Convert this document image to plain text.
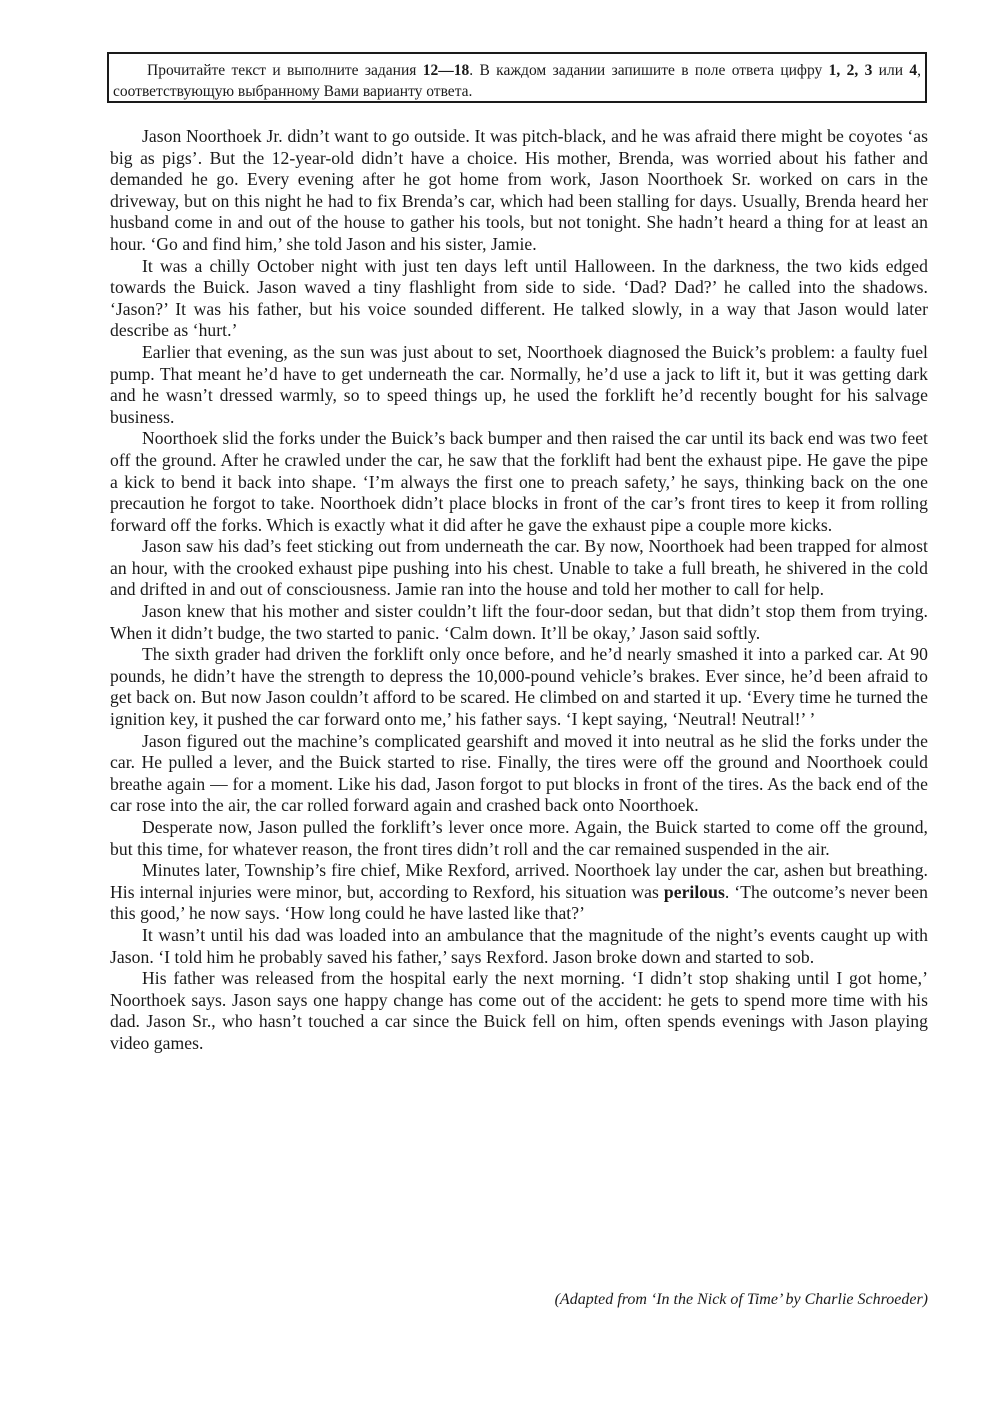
Прочитайте текст и выполните задания 12—18. В каждом задании запишите в поле ответа цифру 1, 2, 3 или 4, соответствующую выбранному Вами варианту ответа.

Jason Noorthoek Jr. didn’t want to go outside. It was pitch-black, and he was afraid there might be coyotes ‘as big as pigs’. But the 12-year-old didn’t have a choice. His mother, Brenda, was worried about his father and demanded he go. Every evening after he got home from work, Jason Noorthoek Sr. worked on cars in the driveway, but on this night he had to fix Brenda’s car, which had been stalling for days. Usually, Brenda heard her husband come in and out of the house to gather his tools, but not tonight. She hadn’t heard a thing for at least an hour. ‘Go and find him,’ she told Jason and his sister, Jamie.

It was a chilly October night with just ten days left until Halloween. In the darkness, the two kids edged towards the Buick. Jason waved a tiny flashlight from side to side. ‘Dad? Dad?’ he called into the shadows. ‘Jason?’ It was his father, but his voice sounded different. He talked slowly, in a way that Jason would later describe as ‘hurt.’

Earlier that evening, as the sun was just about to set, Noorthoek diagnosed the Buick’s problem: a faulty fuel pump. That meant he’d have to get underneath the car. Normally, he’d use a jack to lift it, but it was getting dark and he wasn’t dressed warmly, so to speed things up, he used the forklift he’d recently bought for his salvage business.

Noorthoek slid the forks under the Buick’s back bumper and then raised the car until its back end was two feet off the ground. After he crawled under the car, he saw that the forklift had bent the exhaust pipe. He gave the pipe a kick to bend it back into shape. ‘I’m always the first one to preach safety,’ he says, thinking back on the one precaution he forgot to take. Noorthoek didn’t place blocks in front of the car’s front tires to keep it from rolling forward off the forks. Which is exactly what it did after he gave the exhaust pipe a couple more kicks.

Jason saw his dad’s feet sticking out from underneath the car. By now, Noorthoek had been trapped for almost an hour, with the crooked exhaust pipe pushing into his chest. Unable to take a full breath, he shivered in the cold and drifted in and out of consciousness. Jamie ran into the house and told her mother to call for help.

Jason knew that his mother and sister couldn’t lift the four-door sedan, but that didn’t stop them from trying. When it didn’t budge, the two started to panic. ‘Calm down. It’ll be okay,’ Jason said softly.

The sixth grader had driven the forklift only once before, and he’d nearly smashed it into a parked car. At 90 pounds, he didn’t have the strength to depress the 10,000-pound vehicle’s brakes. Ever since, he’d been afraid to get back on. But now Jason couldn’t afford to be scared. He climbed on and started it up. ‘Every time he turned the ignition key, it pushed the car forward onto me,’ his father says. ‘I kept saying, ‘Neutral! Neutral!’ ’

Jason figured out the machine’s complicated gearshift and moved it into neutral as he slid the forks under the car. He pulled a lever, and the Buick started to rise. Finally, the tires were off the ground and Noorthoek could breathe again — for a moment. Like his dad, Jason forgot to put blocks in front of the tires. As the back end of the car rose into the air, the car rolled forward again and crashed back onto Noorthoek.

Desperate now, Jason pulled the forklift’s lever once more. Again, the Buick started to come off the ground, but this time, for whatever reason, the front tires didn’t roll and the car remained suspended in the air.

Minutes later, Township’s fire chief, Mike Rexford, arrived. Noorthoek lay under the car, ashen but breathing. His internal injuries were minor, but, according to Rexford, his situation was perilous. ‘The outcome’s never been this good,’ he now says. ‘How long could he have lasted like that?’

It wasn’t until his dad was loaded into an ambulance that the magnitude of the night’s events caught up with Jason. ‘I told him he probably saved his father,’ says Rexford. Jason broke down and started to sob.

His father was released from the hospital early the next morning. ‘I didn’t stop shaking until I got home,’ Noorthoek says. Jason says one happy change has come out of the accident: he gets to spend more time with his dad. Jason Sr., who hasn’t touched a car since the Buick fell on him, often spends evenings with Jason playing video games.

(Adapted from ‘In the Nick of Time’ by Charlie Schroeder)
